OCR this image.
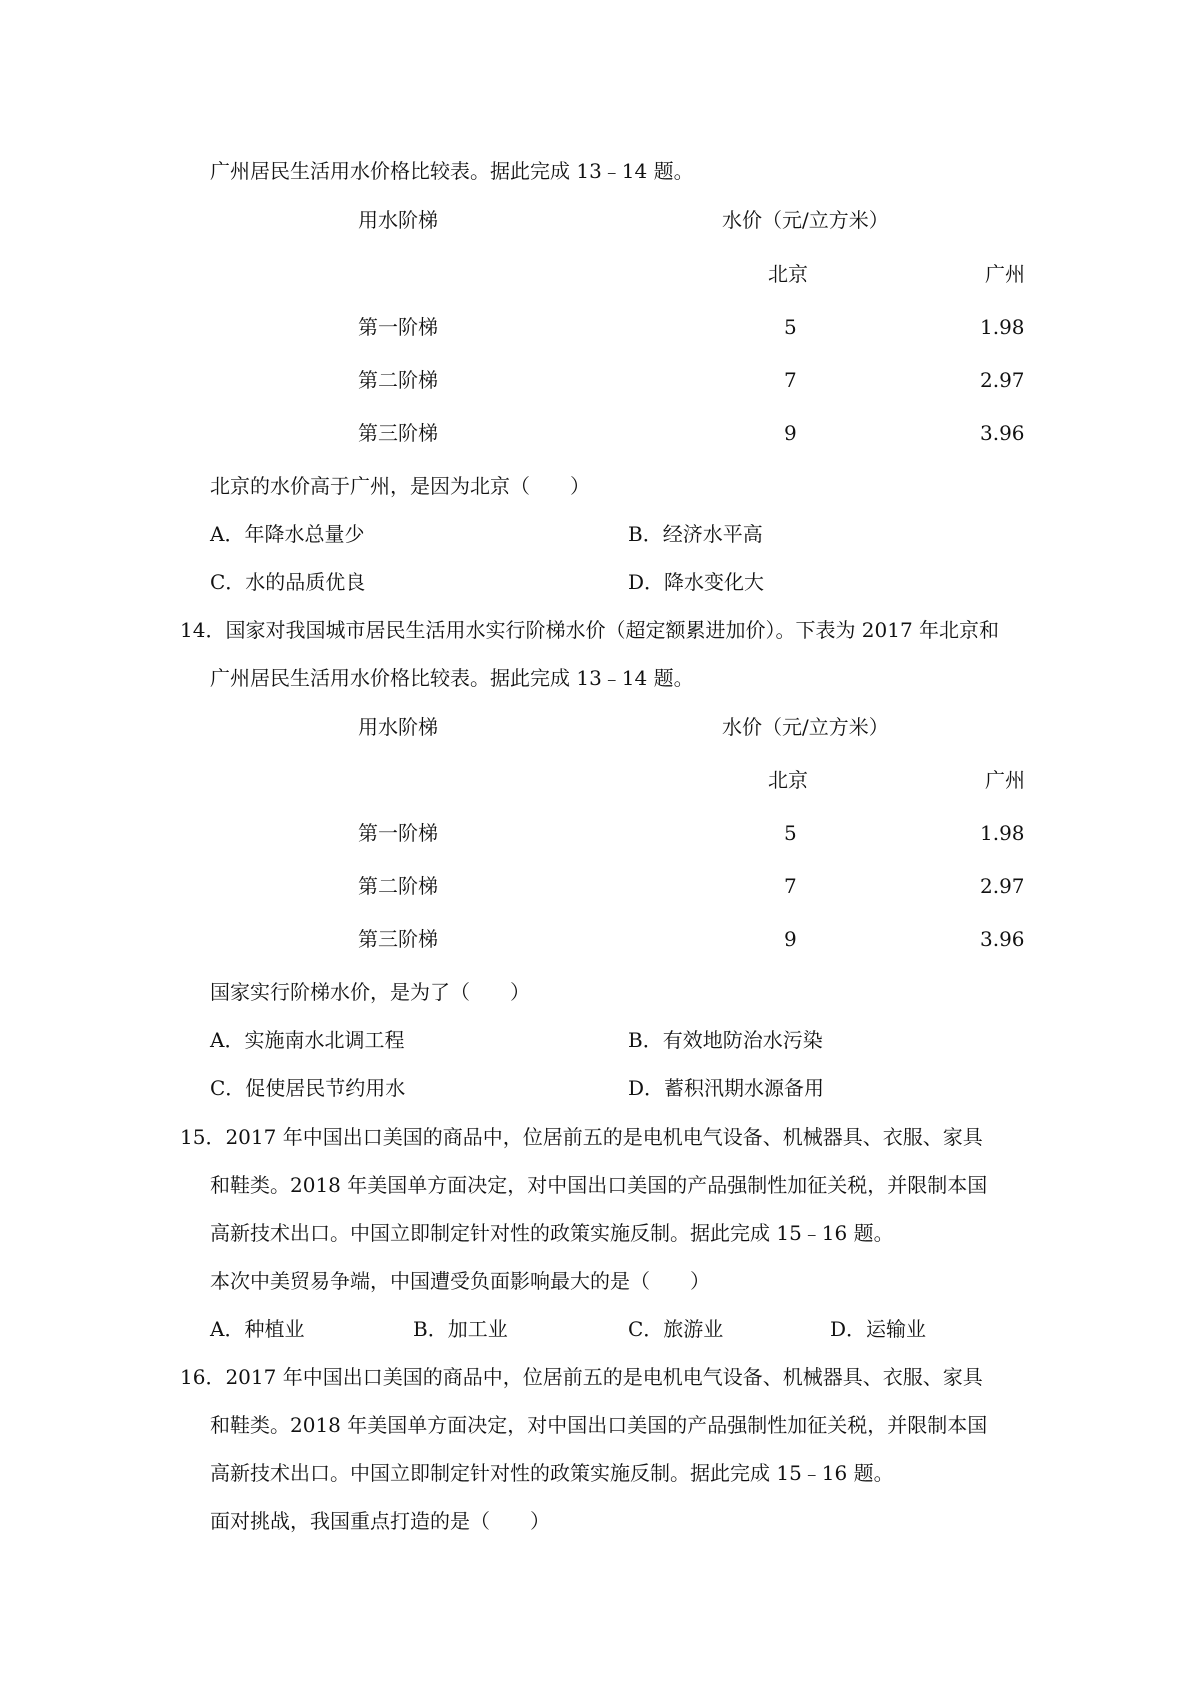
广州居民生活用水价格比较表。据此完成 13﹣14 题。
用水阶梯	水价（元/立方米）
北京	广州
第一阶梯	5	1.98
第二阶梯	7	2.97
第三阶梯	9	3.96
北京的水价高于广州，是因为北京（　　）
A．年降水总量少	B．经济水平高
C．水的品质优良	D．降水变化大
14．国家对我国城市居民生活用水实行阶梯水价（超定额累进加价）。下表为 2017 年北京和
广州居民生活用水价格比较表。据此完成 13﹣14 题。
用水阶梯	水价（元/立方米）
北京	广州
第一阶梯	5	1.98
第二阶梯	7	2.97
第三阶梯	9	3.96
国家实行阶梯水价，是为了（　　）
A．实施南水北调工程	B．有效地防治水污染
C．促使居民节约用水	D．蓄积汛期水源备用
15．2017 年中国出口美国的商品中，位居前五的是电机电气设备、机械器具、衣服、家具
和鞋类。2018 年美国单方面决定，对中国出口美国的产品强制性加征关税，并限制本国
高新技术出口。中国立即制定针对性的政策实施反制。据此完成 15﹣16 题。
本次中美贸易争端，中国遭受负面影响最大的是（　　）
A．种植业	B．加工业	C．旅游业	D．运输业
16．2017 年中国出口美国的商品中，位居前五的是电机电气设备、机械器具、衣服、家具
和鞋类。2018 年美国单方面决定，对中国出口美国的产品强制性加征关税，并限制本国
高新技术出口。中国立即制定针对性的政策实施反制。据此完成 15﹣16 题。
面对挑战，我国重点打造的是（　　）
